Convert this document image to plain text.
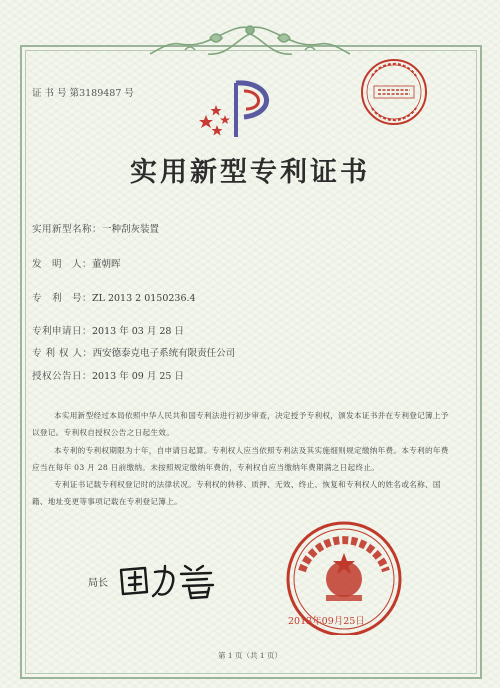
证 书 号 第3189487 号
实用新型专利证书
实用新型名称：一种刮灰装置
发　明　人：董朝晖
专　利　号：ZL 2013 2 0150236.4
专利申请日：2013 年 03 月 28 日
专 利 权 人：西安德泰克电子系统有限责任公司
授权公告日：2013 年 09 月 25 日

本实用新型经过本局依照中华人民共和国专利法进行初步审查，决定授予专利权，颁发本证书并在专利登记簿上予以登记。专利权自授权公告之日起生效。

本专利的专利权期限为十年，自申请日起算。专利权人应当依照专利法及其实施细则规定缴纳年费。本专利的年费应当在每年 03 月 28 日前缴纳。未按照规定缴纳年费的，专利权自应当缴纳年费期满之日起终止。

专利证书记载专利权登记时的法律状况。专利权的转移、质押、无效、终止、恢复和专利权人的姓名或名称、国籍、地址变更等事项记载在专利登记簿上。

局长
2013年09月25日
第 1 页（共 1 页）
